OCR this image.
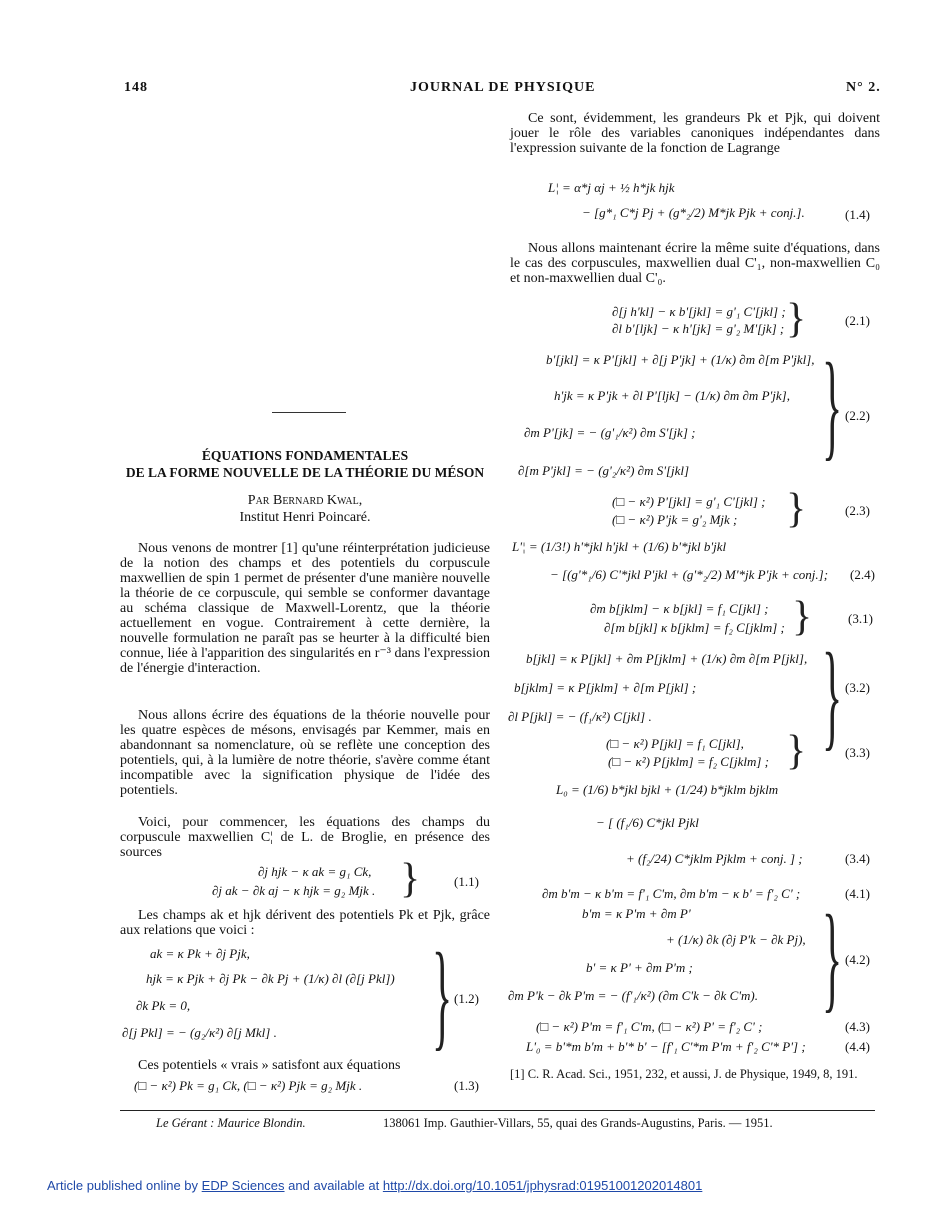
148	JOURNAL DE PHYSIQUE	N° 2.

Ce sont, évidemment, les grandeurs Pk et Pjk, qui doivent jouer le rôle des variables canoniques indépendantes dans l'expression suivante de la fonction de Lagrange

L¦ = α*j αj + ½ h*jk hjk
− [g*₁ C*j Pj + (g*₂/2) M*jk Pjk + conj.].	(1.4)

Nous allons maintenant écrire la même suite d'équations, dans le cas des corpuscules, maxwellien dual C'₁, non-maxwellien C₀ et non-maxwellien dual C'₀.

∂[j h'kl] − κ b'[jkl] = g'₁ C'[jkl] ;
∂l b'[ljk] − κ h'[jk] = g'₂ M'[jk] ; }	(2.1)
b'[jkl] = κ P'[jkl] + ∂[j P'jk] + (1/κ) ∂m ∂[m P'jkl],
h'jk = κ P'jk + ∂l P'[ljk] − (1/κ) ∂m ∂m P'jk],
∂m P'[jk] = − (g'₁/κ²) ∂m S'[jk] ;
∂[m P'jkl] = − (g'₂/κ²) ∂m S'[jkl] } (2.2)
(□ − κ²) P'[jkl] = g'₁ C'[jkl] ;
(□ − κ²) P'jk = g'₂ Mjk ; }	(2.3)
L'¦ = (1/3!) h'*jkl h'jkl + (1/6) b'*jkl b'jkl
− [(g'*₁/6) C'*jkl P'jkl + (g'*₂/2) M'*jk P'jk + conj.]; (2.4)
∂m b[jklm] − κ b[jkl] = f₁ C[jkl] ;
∂[m b[jkl] κ b[jklm] = f₂ C[jklm] ; }	(3.1)
b[jkl] = κ P[jkl] + ∂m P[jklm] + (1/κ) ∂m ∂[m P[jkl],
b[jklm] = κ P[jklm] + ∂[m P[jkl] ;
∂l P[jkl] = − (f₁/κ²) C[jkl] . } (3.2)
(□ − κ²) P[jkl] = f₁ C[jkl],
(□ − κ²) P[jklm] = f₂ C[jklm] ; }	(3.3)
L₀ = (1/6) b*jkl bjkl + (1/24) b*jklm bjklm
− [ (f₁/6) C*jkl Pjkl
+ (f₂/24) C*jklm Pjklm + conj. ] ;	(3.4)
∂m b'm − κ b'm = f'₁ C'm, ∂m b'm − κ b' = f'₂ C' ;	(4.1)
b'm = κ P'm + ∂m P'
+ (1/κ) ∂k (∂j P'k − ∂k Pj),
b' = κ P' + ∂m P'm ;
∂m P'k − ∂k P'm = − (f'₁/κ²) (∂m C'k − ∂k C'm). } (4.2)
(□ − κ²) P'm = f'₁ C'm, (□ − κ²) P' = f'₂ C' ;	(4.3)
L'₀ = b'*m b'm + b'* b' − [f'₁ C'*m P'm + f'₂ C'* P'] ;	(4.4)
[1] C. R. Acad. Sci., 1951, 232, et aussi, J. de Physique, 1949, 8, 191.
ÉQUATIONS FONDAMENTALES
DE LA FORME NOUVELLE DE LA THÉORIE DU MÉSON
Par Bernard Kwal,
Institut Henri Poincaré.

Nous venons de montrer [1] qu'une réinterprétation judicieuse de la notion des champs et des potentiels du corpuscule maxwellien de spin 1 permet de présenter d'une manière nouvelle la théorie de ce corpuscule, qui semble se conformer davantage au schéma classique de Maxwell-Lorentz, que la théorie actuellement en vogue. Contrairement à cette dernière, la nouvelle formulation ne paraît pas se heurter à la difficulté bien connue, liée à l'apparition des singularités en r⁻³ dans l'expression de l'énergie d'interaction.

Nous allons écrire des équations de la théorie nouvelle pour les quatre espèces de mésons, envisagés par Kemmer, mais en abandonnant sa nomenclature, où se reflète une conception des potentiels, qui, à la lumière de notre théorie, s'avère comme étant incompatible avec la signification physique de l'idée des potentiels.

Voici, pour commencer, les équations des champs du corpuscule maxwellien C¦ de L. de Broglie, en présence des sources

∂j hjk − κ ak = g₁ Ck,
∂j ak − ∂k aj − κ hjk = g₂ Mjk . }	(1.1)

Les champs ak et hjk dérivent des potentiels Pk et Pjk, grâce aux relations que voici :

ak = κ Pk + ∂j Pjk,
hjk = κ Pjk + ∂j Pk − ∂k Pj + (1/κ) ∂l (∂[j Pkl])
∂k Pk = 0,
∂[j Pkl] = − (g₂/κ²) ∂[j Mkl] . } (1.2)

Ces potentiels « vrais » satisfont aux équations

(□ − κ²) Pk = g₁ Ck, (□ − κ²) Pjk = g₂ Mjk .	(1.3)
Le Gérant : Maurice Blondin.	138061 Imp. Gauthier-Villars, 55, quai des Grands-Augustins, Paris. — 1951.
Article published online by EDP Sciences and available at http://dx.doi.org/10.1051/jphysrad:01951001202014801
